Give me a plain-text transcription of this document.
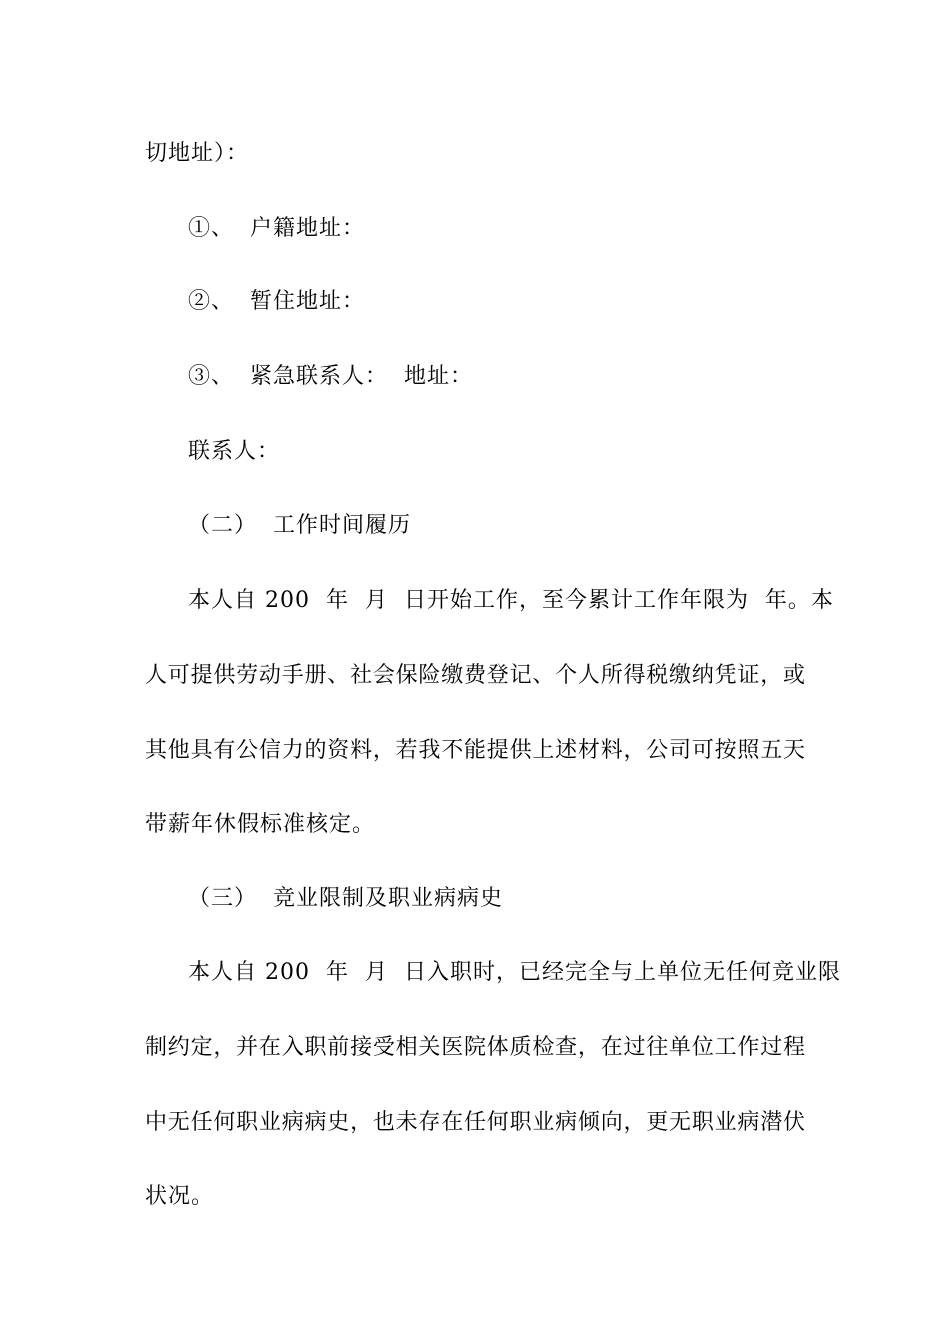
切地址）：
①、  户籍地址：
②、  暂住地址：
③、  紧急联系人：  地址：
联系人：
（二）  工作时间履历
本人自 200  年  月  日开始工作，至今累计工作年限为  年。本
人可提供劳动手册、社会保险缴费登记、个人所得税缴纳凭证，或
其他具有公信力的资料，若我不能提供上述材料，公司可按照五天
带薪年休假标准核定。
（三）  竞业限制及职业病病史
本人自 200  年  月  日入职时，已经完全与上单位无任何竞业限
制约定，并在入职前接受相关医院体质检查，在过往单位工作过程
中无任何职业病病史，也未存在任何职业病倾向，更无职业病潜伏
状况。
